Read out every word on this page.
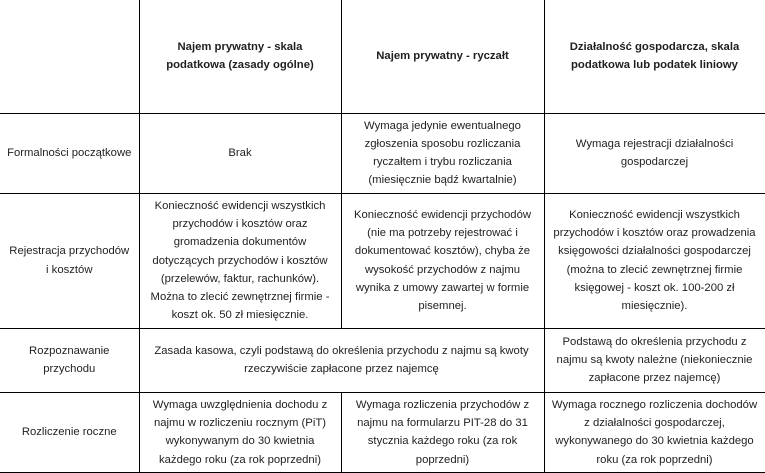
	Najem prywatny - skala podatkowa (zasady ogólne)	Najem prywatny - ryczałt	Działalność gospodarcza, skala podatkowa lub podatek liniowy
Formalności początkowe	Brak	Wymaga jedynie ewentualnego zgłoszenia sposobu rozliczania ryczałtem i trybu rozliczania (miesięcznie bądź kwartalnie)	Wymaga rejestracji działalności gospodarczej
Rejestracja przychodów i kosztów	Konieczność ewidencji wszystkich przychodów i kosztów oraz gromadzenia dokumentów dotyczących przychodów i kosztów (przelewów, faktur, rachunków). Można to zlecić zewnętrznej firmie - koszt ok. 50 zł miesięcznie.	Konieczność ewidencji przychodów (nie ma potrzeby rejestrować i dokumentować kosztów), chyba że wysokość przychodów z najmu wynika z umowy zawartej w formie pisemnej.	Konieczność ewidencji wszystkich przychodów i kosztów oraz prowadzenia księgowości działalności gospodarczej (można to zlecić zewnętrznej firmie księgowej - koszt ok. 100-200 zł miesięcznie).
Rozpoznawanie przychodu	Zasada kasowa, czyli podstawą do określenia przychodu z najmu są kwoty rzeczywiście zapłacone przez najemcę		Podstawą do określenia przychodu z najmu są kwoty należne (niekoniecznie zapłacone przez najemcę)
Rozliczenie roczne	Wymaga uwzględnienia dochodu z najmu w rozliczeniu rocznym (PiT) wykonywanym do 30 kwietnia każdego roku (za rok poprzedni)	Wymaga rozliczenia przychodów z najmu na formularzu PIT-28 do 31 stycznia każdego roku (za rok poprzedni)	Wymaga rocznego rozliczenia dochodów z działalności gospodarczej, wykonywanego do 30 kwietnia każdego roku (za rok poprzedni)
